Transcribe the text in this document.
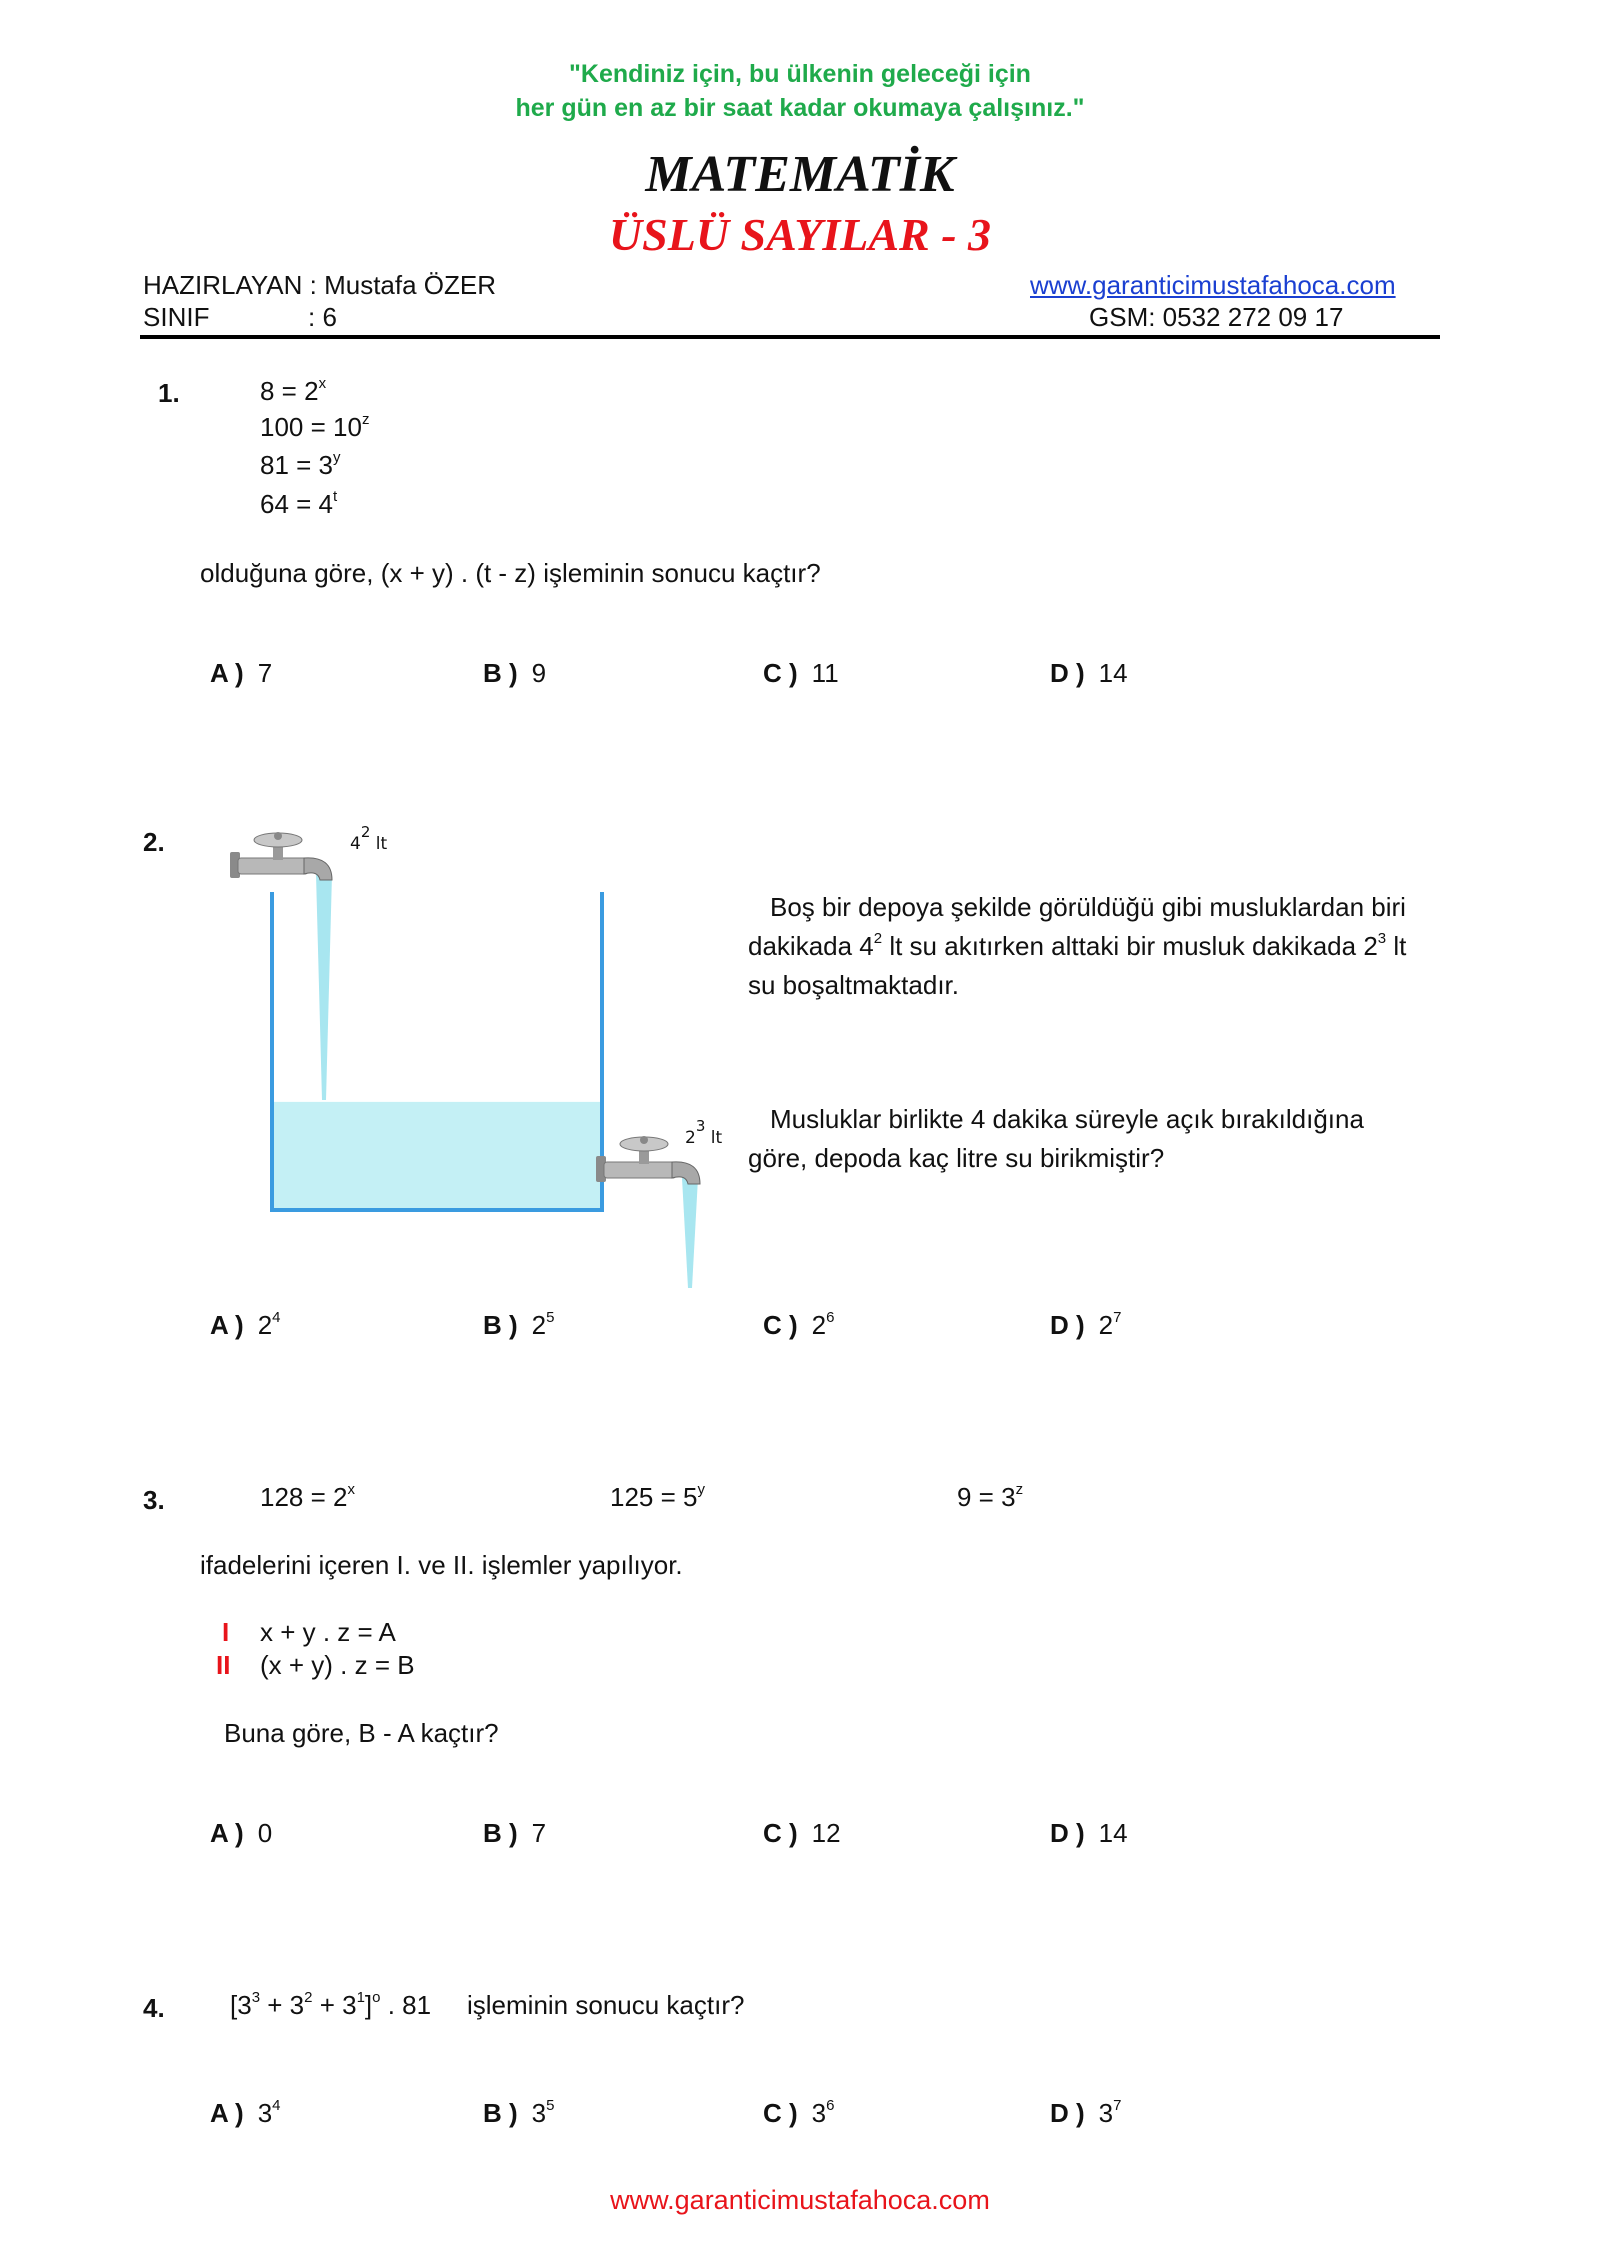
"Kendiniz için, bu ülkenin geleceği için
her gün en az bir saat kadar okumaya çalışınız."
MATEMATİK
ÜSLÜ SAYILAR - 3
HAZIRLAYAN : Mustafa ÖZER
SINIF	: 6
www.garanticimustafahoca.com
GSM: 0532 272 09 17
1.	$8 = 2^x$
$100 = 10^z$
$81 = 3^y$
$64 = 4^t$
olduğuna göre, (x + y) . (t - z) işleminin sonucu kaçtır?
A ) 7	B ) 9	C ) 11	D ) 14
2.	$4^2$ lt
$2^3$ lt
Boş bir depoya şekilde görüldüğü gibi musluklardan biri dakikada $4^2$ lt su akıtırken alttaki bir musluk dakikada $2^3$ lt su boşaltmaktadır.
Musluklar birlikte 4 dakika süreyle açık bırakıldığına göre, depoda kaç litre su birikmiştir?
A ) $2^4$	B ) $2^5$	C ) $2^6$	D ) $2^7$
3.	$128 = 2^x$	$125 = 5^y$	$9 = 3^z$
ifadelerini içeren I. ve II. işlemler yapılıyor.
I x + y . z = A
II (x + y) . z = B
Buna göre, B - A kaçtır?
A ) 0	B ) 7	C ) 12	D ) 14
4.	$[3^3 + 3^2 + 3^1]^o$ . 81 işleminin sonucu kaçtır?
A ) $3^4$	B ) $3^5$	C ) $3^6$	D ) $3^7$
www.garanticimustafahoca.com
